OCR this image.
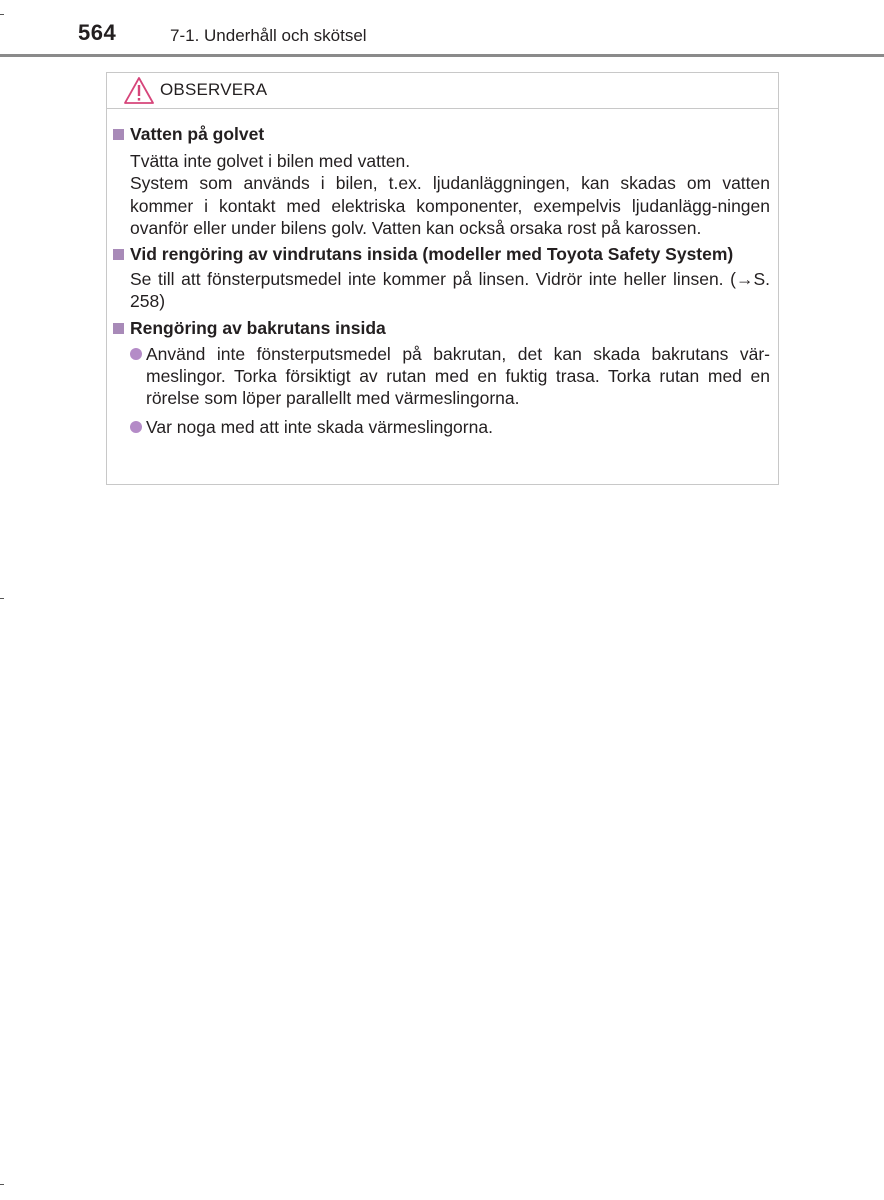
564	7-1. Underhåll och skötsel
OBSERVERA
Vatten på golvet
Tvätta inte golvet i bilen med vatten.
System som används i bilen, t.ex. ljudanläggningen, kan skadas om vatten kommer i kontakt med elektriska komponenter, exempelvis ljudanlägg-ningen ovanför eller under bilens golv. Vatten kan också orsaka rost på karossen.
Vid rengöring av vindrutans insida (modeller med Toyota Safety System)
Se till att fönsterputsmedel inte kommer på linsen. Vidrör inte heller linsen. (→S. 258)
Rengöring av bakrutans insida
Använd inte fönsterputsmedel på bakrutan, det kan skada bakrutans vär-meslingor. Torka försiktigt av rutan med en fuktig trasa. Torka rutan med en rörelse som löper parallellt med värmeslingorna.
Var noga med att inte skada värmeslingorna.
